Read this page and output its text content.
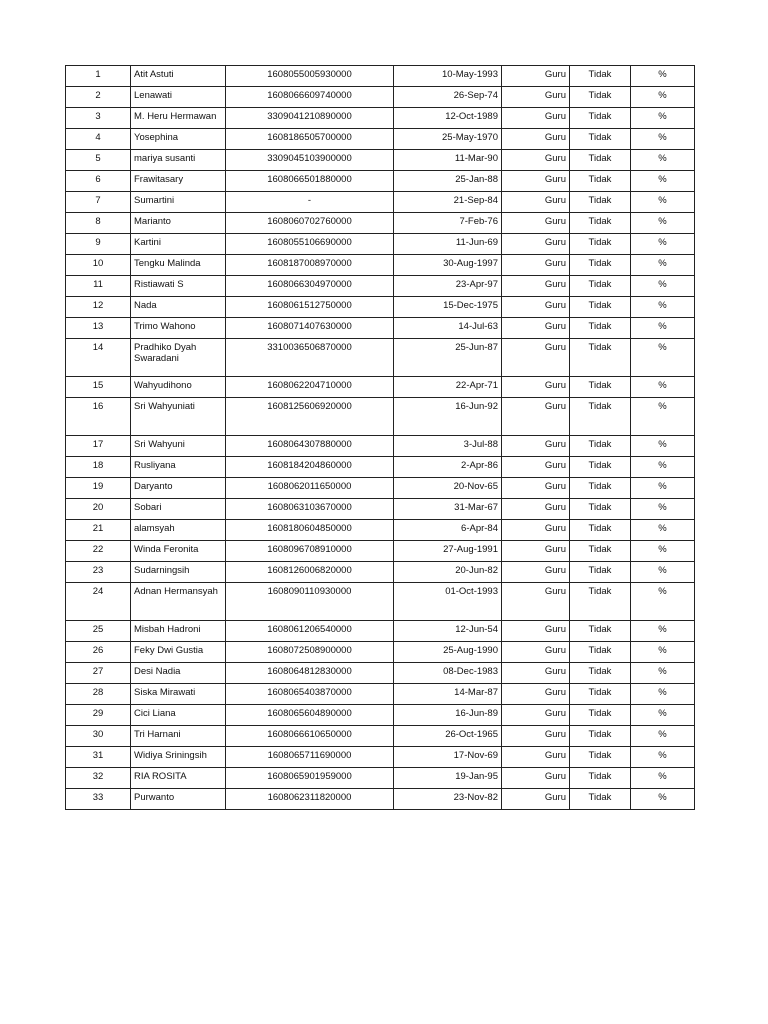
1	Atit Astuti	1608055005930000	10-May-1993	Guru	Tidak	%
2	Lenawati	1608066609740000	26-Sep-74	Guru	Tidak	%
3	M. Heru Hermawan	3309041210890000	12-Oct-1989	Guru	Tidak	%
4	Yosephina	1608186505700000	25-May-1970	Guru	Tidak	%
5	mariya susanti	3309045103900000	11-Mar-90	Guru	Tidak	%
6	Frawitasary	1608066501880000	25-Jan-88	Guru	Tidak	%
7	Sumartini	-	21-Sep-84	Guru	Tidak	%
8	Marianto	1608060702760000	7-Feb-76	Guru	Tidak	%
9	Kartini	1608055106690000	11-Jun-69	Guru	Tidak	%
10	Tengku Malinda	1608187008970000	30-Aug-1997	Guru	Tidak	%
11	Ristiawati S	1608066304970000	23-Apr-97	Guru	Tidak	%
12	Nada	1608061512750000	15-Dec-1975	Guru	Tidak	%
13	Trimo Wahono	1608071407630000	14-Jul-63	Guru	Tidak	%
14	Pradhiko Dyah Swaradani	3310036506870000	25-Jun-87	Guru	Tidak	%
15	Wahyudihono	1608062204710000	22-Apr-71	Guru	Tidak	%
16	Sri Wahyuniati	1608125606920000	16-Jun-92	Guru	Tidak	%
17	Sri Wahyuni	1608064307880000	3-Jul-88	Guru	Tidak	%
18	Rusliyana	1608184204860000	2-Apr-86	Guru	Tidak	%
19	Daryanto	1608062011650000	20-Nov-65	Guru	Tidak	%
20	Sobari	1608063103670000	31-Mar-67	Guru	Tidak	%
21	alamsyah	1608180604850000	6-Apr-84	Guru	Tidak	%
22	Winda Feronita	1608096708910000	27-Aug-1991	Guru	Tidak	%
23	Sudarningsih	1608126006820000	20-Jun-82	Guru	Tidak	%
24	Adnan Hermansyah	1608090110930000	01-Oct-1993	Guru	Tidak	%
25	Misbah Hadroni	1608061206540000	12-Jun-54	Guru	Tidak	%
26	Feky Dwi Gustia	1608072508900000	25-Aug-1990	Guru	Tidak	%
27	Desi Nadia	1608064812830000	08-Dec-1983	Guru	Tidak	%
28	Siska Mirawati	1608065403870000	14-Mar-87	Guru	Tidak	%
29	Cici Liana	1608065604890000	16-Jun-89	Guru	Tidak	%
30	Tri Harnani	1608066610650000	26-Oct-1965	Guru	Tidak	%
31	Widiya Sriningsih	1608065711690000	17-Nov-69	Guru	Tidak	%
32	RIA ROSITA	1608065901959000	19-Jan-95	Guru	Tidak	%
33	Purwanto	1608062311820000	23-Nov-82	Guru	Tidak	%
